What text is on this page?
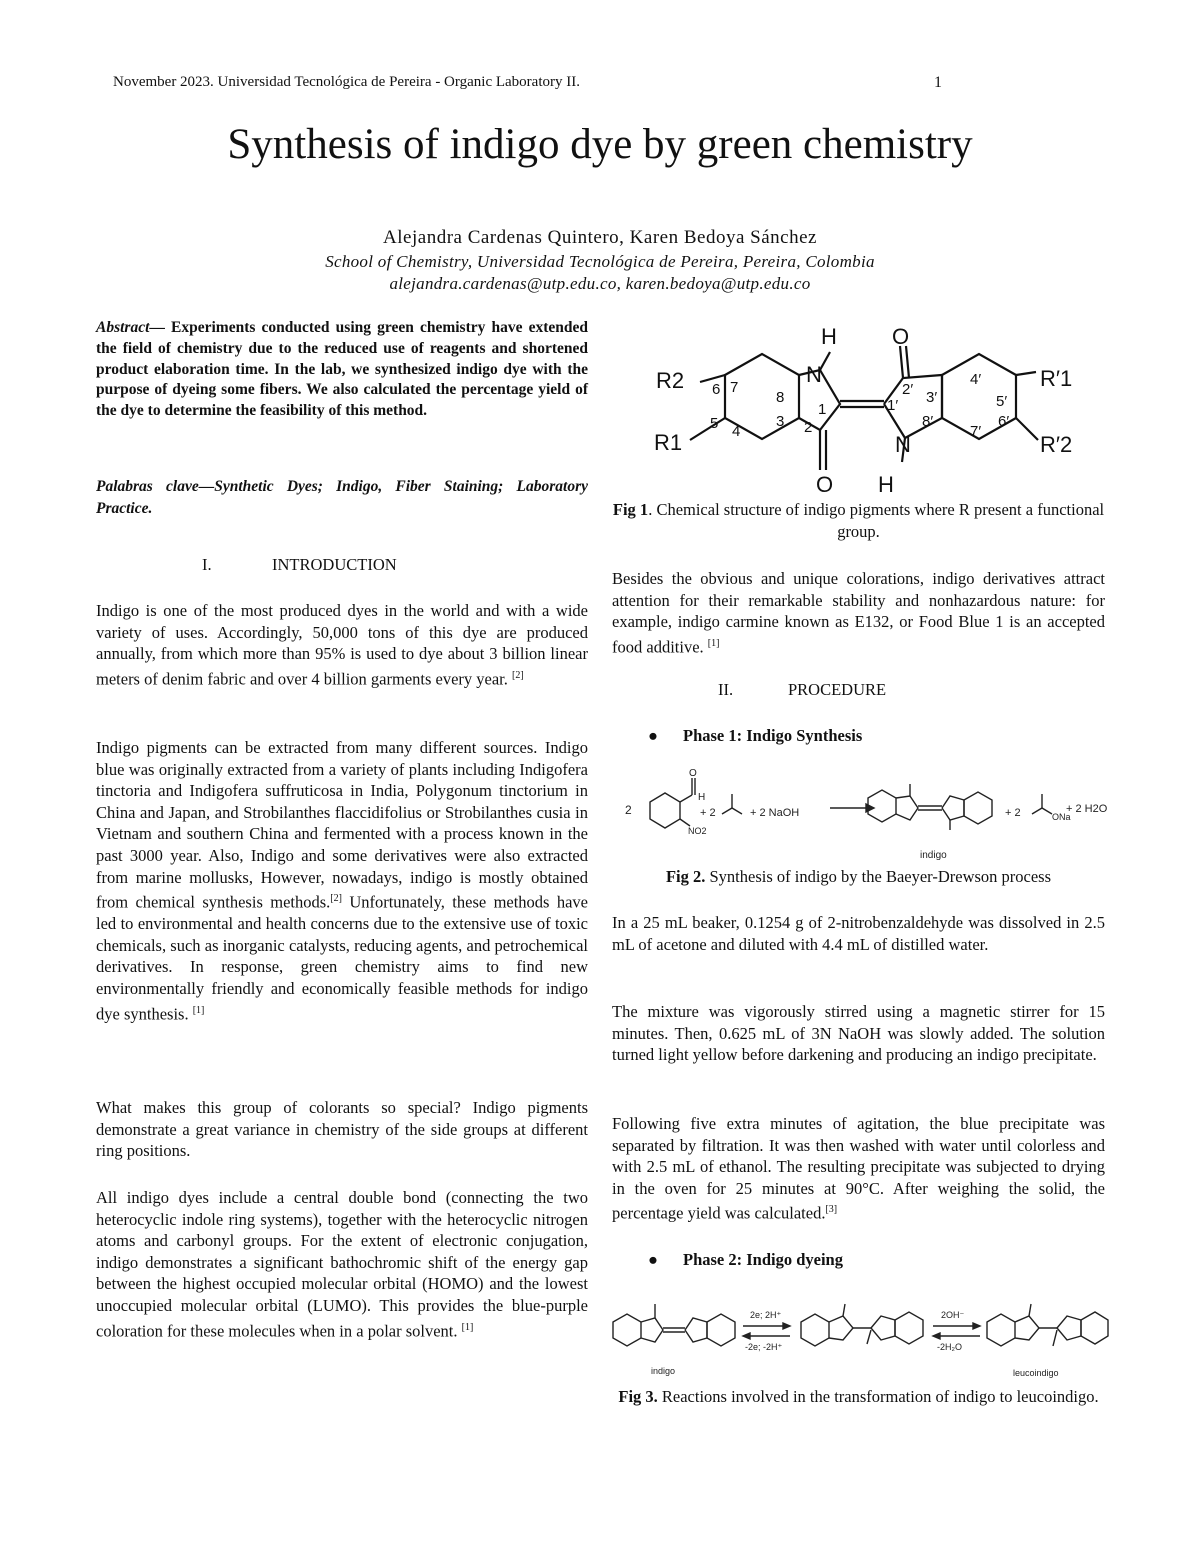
November 2023. Universidad Tecnológica de Pereira - Organic Laboratory II.	1
Synthesis of indigo dye by green chemistry
Alejandra Cardenas Quintero, Karen Bedoya Sánchez
School of Chemistry, Universidad Tecnológica de Pereira, Pereira, Colombia
alejandra.cardenas@utp.edu.co, karen.bedoya@utp.edu.co

Abstract— Experiments conducted using green chemistry have extended the field of chemistry due to the reduced use of reagents and shortened product elaboration time. In the lab, we synthesized indigo dye with the purpose of dyeing some fibers. We also calculated the percentage yield of the dye to determine the feasibility of this method.

Palabras clave—Synthetic Dyes; Indigo, Fiber Staining; Laboratory Practice.
I.	INTRODUCTION

Indigo is one of the most produced dyes in the world and with a wide variety of uses. Accordingly, 50,000 tons of this dye are produced annually, from which more than 95% is used to dye about 3 billion linear meters of denim fabric and over 4 billion garments every year. [2]

Indigo pigments can be extracted from many different sources. Indigo blue was originally extracted from a variety of plants including Indigofera tinctoria and Indigofera suffruticosa in India, Polygonum tinctorium in China and Japan, and Strobilanthes flaccidifolius or Strobilanthes cusia in Vietnam and southern China and fermented with a process known in the past 3000 year. Also, Indigo and some derivatives were also extracted from marine mollusks, However, nowadays, indigo is mostly obtained from chemical synthesis methods.[2] Unfortunately, these methods have led to environmental and health concerns due to the extensive use of toxic chemicals, such as inorganic catalysts, reducing agents, and petrochemical derivatives. In response, green chemistry aims to find new environmentally friendly and economically feasible methods for indigo dye synthesis. [1]

What makes this group of colorants so special? Indigo pigments demonstrate a great variance in chemistry of the side groups at different ring positions.

All indigo dyes include a central double bond (connecting the two heterocyclic indole ring systems), together with the heterocyclic nitrogen atoms and carbonyl groups. For the extent of electronic conjugation, indigo demonstrates a significant bathochromic shift of the energy gap between the highest occupied molecular orbital (HOMO) and the lowest unoccupied molecular orbital (LUMO). This provides the blue-purple coloration for these molecules when in a polar solvent. [1]

H	O
R2
R1
R′1
R′2
N
N
O H
6 7
5 4
8
3
1
2
2′ 3′
1′
8′
4′
5′
6′
7′
Fig 1. Chemical structure of indigo pigments where R present a functional group.

Besides the obvious and unique colorations, indigo derivatives attract attention for their remarkable stability and nonhazardous nature: for example, indigo carmine known as E132, or Food Blue 1 is an accepted food additive. [1]

II.	PROCEDURE
● Phase 1: Indigo Synthesis
2
H
O
NO2
+ 2	+ 2 NaOH	+ 2	ONa
+ 2 H2O
indigo
Fig 2. Synthesis of indigo by the Baeyer-Drewson process

In a 25 mL beaker, 0.1254 g of 2-nitrobenzaldehyde was dissolved in 2.5 mL of acetone and diluted with 4.4 mL of distilled water.

The mixture was vigorously stirred using a magnetic stirrer for 15 minutes. Then, 0.625 mL of 3N NaOH was slowly added. The solution turned light yellow before darkening and producing an indigo precipitate.

Following five extra minutes of agitation, the blue precipitate was separated by filtration. It was then washed with water until colorless and with 2.5 mL of ethanol. The resulting precipitate was subjected to drying in the oven for 25 minutes at 90°C. After weighing the solid, the percentage yield was calculated.[3]

● Phase 2: Indigo dyeing
2e; 2H⁺
-2e; -2H⁺
2OH⁻
-2H₂O
indigo	leucoindigo
Fig 3. Reactions involved in the transformation of indigo to leucoindigo.
